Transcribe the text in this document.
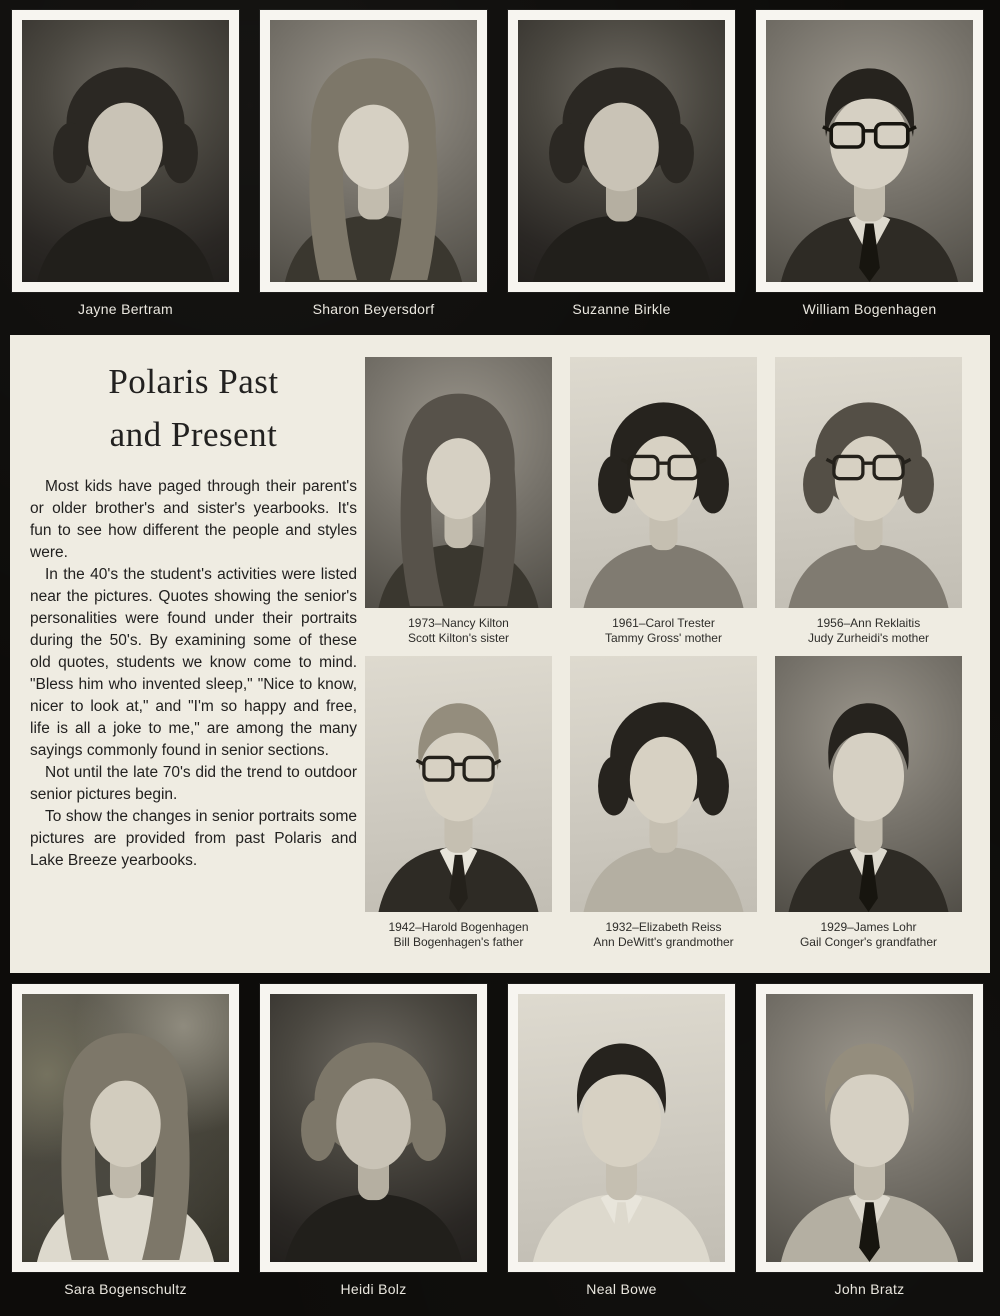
Jayne Bertram	Sharon Beyersdorf	Suzanne Birkle	William Bogenhagen
Polaris Past
and Present

Most kids have paged through their parent's or older brother's and sister's yearbooks. It's fun to see how different the people and styles were.

In the 40's the student's activities were listed near the pictures. Quotes showing the senior's personalities were found under their portraits during the 50's. By examining some of these old quotes, students we know come to mind. "Bless him who invented sleep," "Nice to know, nicer to look at," and "I'm so happy and free, life is all a joke to me," are among the many sayings commonly found in senior sections.

Not until the late 70's did the trend to outdoor senior pictures begin.

To show the changes in senior portraits some pictures are provided from past Polaris and Lake Breeze yearbooks.

1973–Nancy Kilton
Scott Kilton's sister
1961–Carol Trester
Tammy Gross' mother
1956–Ann Reklaitis
Judy Zurheidi's mother
1942–Harold Bogenhagen
Bill Bogenhagen's father
1932–Elizabeth Reiss
Ann DeWitt's grandmother
1929–James Lohr
Gail Conger's grandfather
Sara Bogenschultz	Heidi Bolz	Neal Bowe	John Bratz
